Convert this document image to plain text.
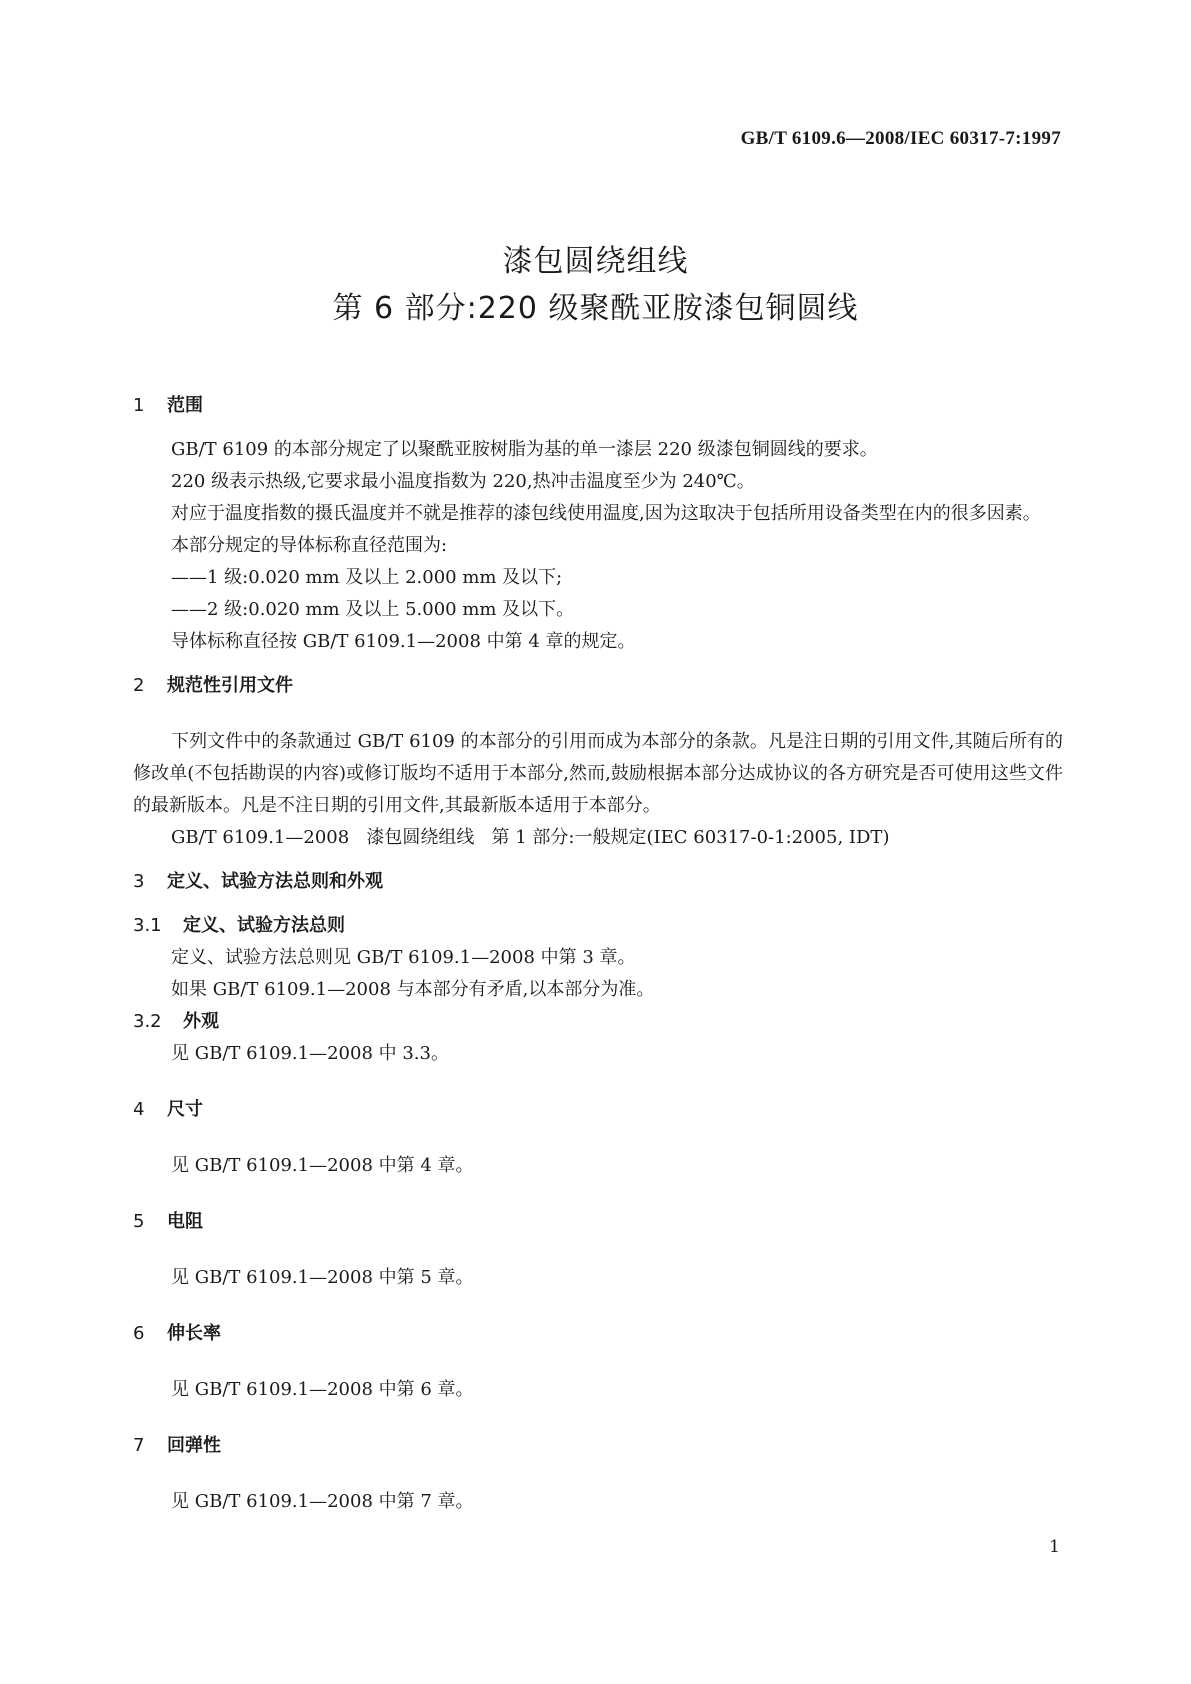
GB/T 6109.6—2008/IEC 60317-7:1997
漆包圆绕组线
第 6 部分:220 级聚酰亚胺漆包铜圆线
1 范围

GB/T 6109 的本部分规定了以聚酰亚胺树脂为基的单一漆层 220 级漆包铜圆线的要求。

220 级表示热级,它要求最小温度指数为 220,热冲击温度至少为 240℃。

对应于温度指数的摄氏温度并不就是推荐的漆包线使用温度,因为这取决于包括所用设备类型在内的很多因素。

本部分规定的导体标称直径范围为:

——1 级:0.020 mm 及以上 2.000 mm 及以下;

——2 级:0.020 mm 及以上 5.000 mm 及以下。

导体标称直径按 GB/T 6109.1—2008 中第 4 章的规定。

2 规范性引用文件

下列文件中的条款通过 GB/T 6109 的本部分的引用而成为本部分的条款。凡是注日期的引用文件,其随后所有的修改单(不包括勘误的内容)或修订版均不适用于本部分,然而,鼓励根据本部分达成协议的各方研究是否可使用这些文件的最新版本。凡是不注日期的引用文件,其最新版本适用于本部分。

GB/T 6109.1—2008   漆包圆绕组线   第 1 部分:一般规定(IEC 60317-0-1:2005, IDT)

3 定义、试验方法总则和外观
3.1 定义、试验方法总则

定义、试验方法总则见 GB/T 6109.1—2008 中第 3 章。

如果 GB/T 6109.1—2008 与本部分有矛盾,以本部分为准。

3.2 外观

见 GB/T 6109.1—2008 中 3.3。

4 尺寸

见 GB/T 6109.1—2008 中第 4 章。

5 电阻

见 GB/T 6109.1—2008 中第 5 章。

6 伸长率

见 GB/T 6109.1—2008 中第 6 章。

7 回弹性

见 GB/T 6109.1—2008 中第 7 章。

1
